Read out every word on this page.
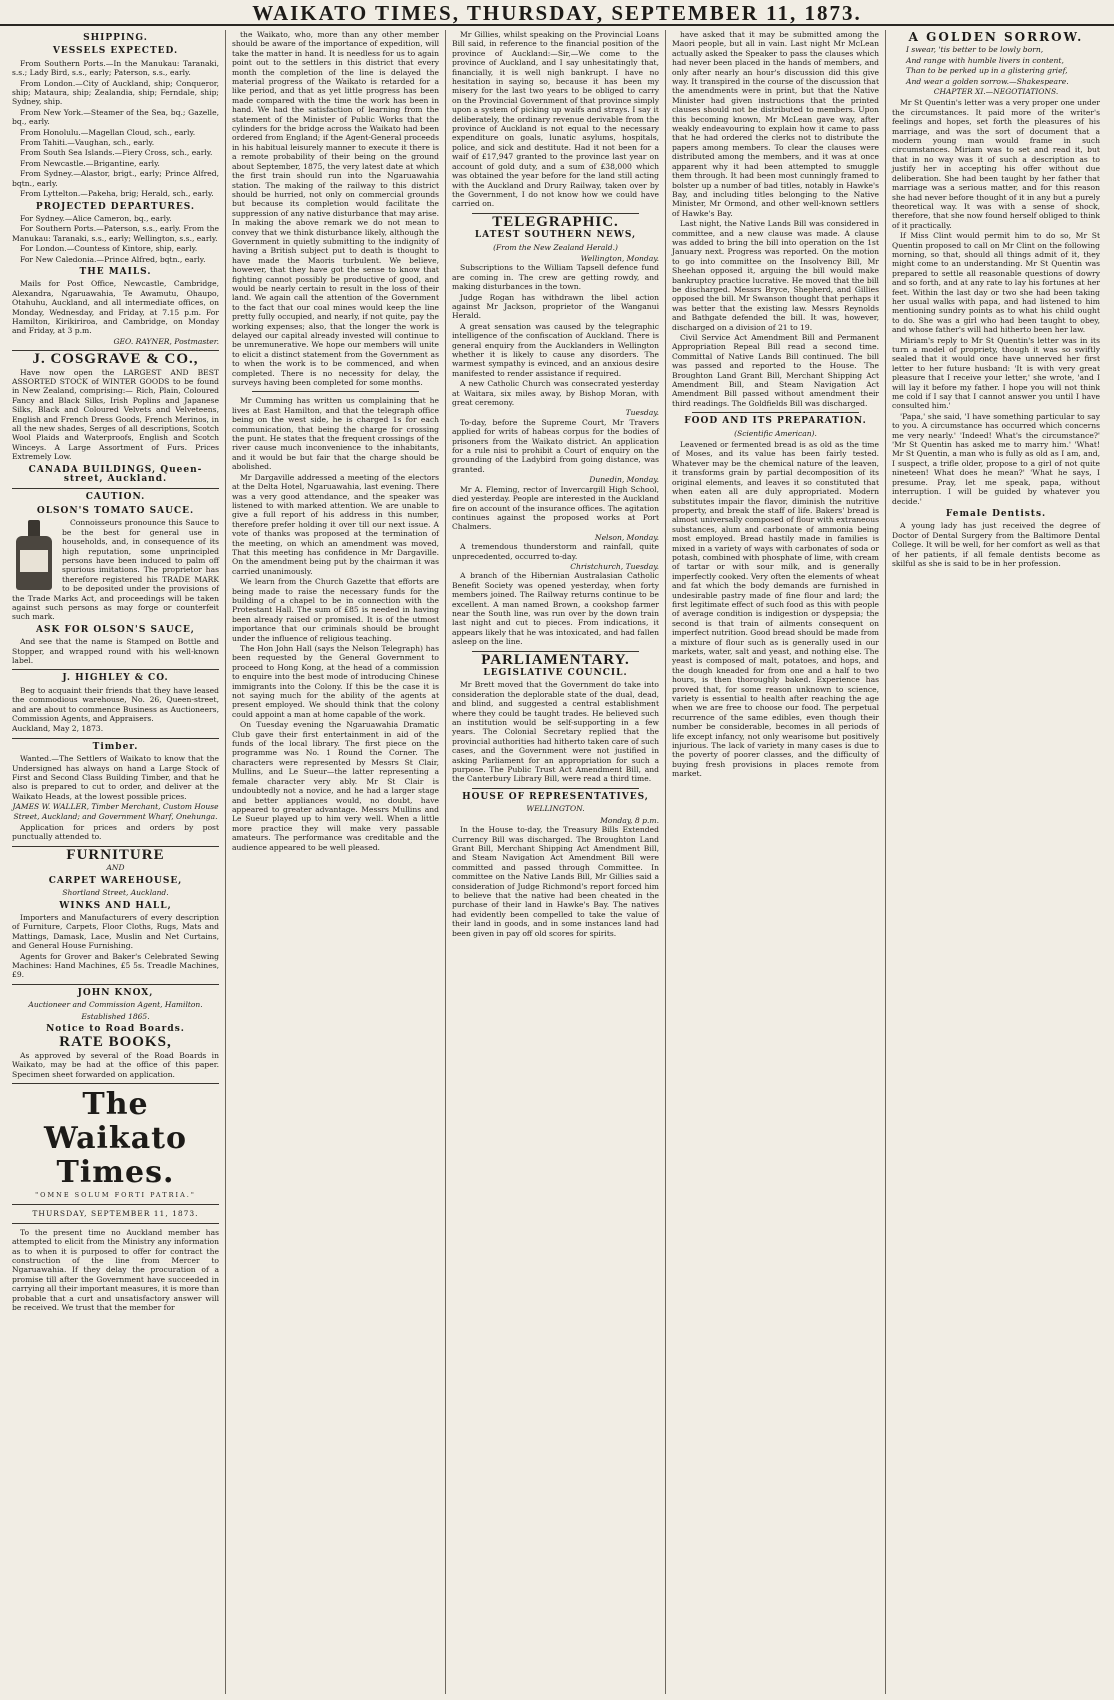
WAIKATO TIMES, THURSDAY, SEPTEMBER 11, 1873.
SHIPPING.
VESSELS EXPECTED.

From Southern Ports.—In the Manukau: Taranaki, s.s.; Lady Bird, s.s., early; Paterson, s.s., early.

From London.—City of Auckland, ship; Conqueror, ship; Mataura, ship; Zealandia, ship; Ferndale, ship; Sydney, ship.

From New York.—Steamer of the Sea, bq.; Gazelle, bq., early.

From Honolulu.—Magellan Cloud, sch., early.

From Tahiti.—Vaughan, sch., early.

From South Sea Islands.—Fiery Cross, sch., early.

From Newcastle.—Brigantine, early.

From Sydney.—Alastor, brigt., early; Prince Alfred, bqtn., early.

From Lyttelton.—Pakeha, brig; Herald, sch., early.

PROJECTED DEPARTURES.

For Sydney.—Alice Cameron, bq., early.

For Southern Ports.—Paterson, s.s., early. From the Manukau: Taranaki, s.s., early; Wellington, s.s., early.

For London.—Countess of Kintore, ship, early.

For New Caledonia.—Prince Alfred, bqtn., early.

THE MAILS.

Mails for Post Office, Newcastle, Cambridge, Alexandra, Ngaruawahia, Te Awamutu, Ohaupo, Otahuhu, Auckland, and all intermediate offices, on Monday, Wednesday, and Friday, at 7.15 p.m. For Hamilton, Kirikiriroa, and Cambridge, on Monday and Friday, at 3 p.m.

GEO. RAYNER, Postmaster.
J. COSGRAVE & CO.,

Have now open the LARGEST AND BEST ASSORTED STOCK of WINTER GOODS to be found in New Zealand, comprising:— Rich, Plain, Coloured Fancy and Black Silks, Irish Poplins and Japanese Silks, Black and Coloured Velvets and Velveteens, English and French Dress Goods, French Merinos, in all the new shades, Serges of all descriptions, Scotch Wool Plaids and Waterproofs, English and Scotch Winceys. A Large Assortment of Furs. Prices Extremely Low.

CANADA BUILDINGS, Queen-street, Auckland.
CAUTION.
OLSON'S TOMATO SAUCE.

Connoisseurs pronounce this Sauce to be the best for general use in households, and, in consequence of its high reputation, some unprincipled persons have been induced to palm off spurious imitations. The proprietor has therefore registered his TRADE MARK to be deposited under the provisions of the Trade Marks Act, and proceedings will be taken against such persons as may forge or counterfeit such mark.

ASK FOR OLSON'S SAUCE,

And see that the name is Stamped on Bottle and Stopper, and wrapped round with his well-known label.

J. HIGHLEY & CO.

Beg to acquaint their friends that they have leased the commodious warehouse, No. 26, Queen-street, and are about to commence Business as Auctioneers, Commission Agents, and Appraisers.

Auckland, May 2, 1873.

Timber.

Wanted.—The Settlers of Waikato to know that the Undersigned has always on hand a Large Stock of First and Second Class Building Timber, and that he also is prepared to cut to order, and deliver at the Waikato Heads, at the lowest possible prices.

JAMES W. WALLER, Timber Merchant, Custom House Street, Auckland; and Government Wharf, Onehunga.

Application for prices and orders by post punctually attended to.

FURNITURE
AND
CARPET WAREHOUSE,
Shortland Street, Auckland.
WINKS AND HALL,

Importers and Manufacturers of every description of Furniture, Carpets, Floor Cloths, Rugs, Mats and Mattings, Damask, Lace, Muslin and Net Curtains, and General House Furnishing.

Agents for Grover and Baker's Celebrated Sewing Machines: Hand Machines, £5 5s. Treadle Machines, £9.

JOHN KNOX,
Auctioneer and Commission Agent, Hamilton.
Established 1865.
Notice to Road Boards.
RATE BOOKS,

As approved by several of the Road Boards in Waikato, may be had at the office of this paper. Specimen sheet forwarded on application.

The Waikato Times.
"OMNE SOLUM FORTI PATRIA."
THURSDAY, SEPTEMBER 11, 1873.

To the present time no Auckland member has attempted to elicit from the Ministry any information as to when it is purposed to offer for contract the construction of the line from Mercer to Ngaruawahia. If they delay the procuration of a promise till after the Government have succeeded in carrying all their important measures, it is more than probable that a curt and unsatisfactory answer will be received. We trust that the member for

the Waikato, who, more than any other member should be aware of the importance of expedition, will take the matter in hand. It is needless for us to again point out to the settlers in this district that every month the completion of the line is delayed the material progress of the Waikato is retarded for a like period, and that as yet little progress has been made compared with the time the work has been in hand. We had the satisfaction of learning from the statement of the Minister of Public Works that the cylinders for the bridge across the Waikato had been ordered from England; if the Agent-General proceeds in his habitual leisurely manner to execute it there is a remote probability of their being on the ground about September, 1875, the very latest date at which the first train should run into the Ngaruawahia station. The making of the railway to this district should be hurried, not only on commercial grounds but because its completion would facilitate the suppression of any native disturbance that may arise. In making the above remark we do not mean to convey that we think disturbance likely, although the Government in quietly submitting to the indignity of having a British subject put to death is thought to have made the Maoris turbulent. We believe, however, that they have got the sense to know that fighting cannot possibly be productive of good, and would be nearly certain to result in the loss of their land. We again call the attention of the Government to the fact that our coal mines would keep the line pretty fully occupied, and nearly, if not quite, pay the working expenses; also, that the longer the work is delayed our capital already invested will continue to be unremunerative. We hope our members will unite to elicit a distinct statement from the Government as to when the work is to be commenced, and when completed. There is no necessity for delay, the surveys having been completed for some months.

Mr Cumming has written us complaining that he lives at East Hamilton, and that the telegraph office being on the west side, he is charged 1s for each communication, that being the charge for crossing the punt. He states that the frequent crossings of the river cause much inconvenience to the inhabitants, and it would be but fair that the charge should be abolished.

Mr Dargaville addressed a meeting of the electors at the Delta Hotel, Ngaruawahia, last evening. There was a very good attendance, and the speaker was listened to with marked attention. We are unable to give a full report of his address in this number, therefore prefer holding it over till our next issue. A vote of thanks was proposed at the termination of the meeting, on which an amendment was moved, That this meeting has confidence in Mr Dargaville. On the amendment being put by the chairman it was carried unanimously.

We learn from the Church Gazette that efforts are being made to raise the necessary funds for the building of a chapel to be in connection with the Protestant Hall. The sum of £85 is needed in having been already raised or promised. It is of the utmost importance that our criminals should be brought under the influence of religious teaching.

The Hon John Hall (says the Nelson Telegraph) has been requested by the General Government to proceed to Hong Kong, at the head of a commission to enquire into the best mode of introducing Chinese immigrants into the Colony. If this be the case it is not saying much for the ability of the agents at present employed. We should think that the colony could appoint a man at home capable of the work.

On Tuesday evening the Ngaruawahia Dramatic Club gave their first entertainment in aid of the funds of the local library. The first piece on the programme was No. 1 Round the Corner. The characters were represented by Messrs St Clair, Mullins, and Le Sueur—the latter representing a female character very ably. Mr St Clair is undoubtedly not a novice, and he had a larger stage and better appliances would, no doubt, have appeared to greater advantage. Messrs Mullins and Le Sueur played up to him very well. When a little more practice they will make very passable amateurs. The performance was creditable and the audience appeared to be well pleased.

Mr Gillies, whilst speaking on the Provincial Loans Bill said, in reference to the financial position of the province of Auckland:—Sir,—We come to the province of Auckland, and I say unhesitatingly that, financially, it is well nigh bankrupt. I have no hesitation in saying so, because it has been my misery for the last two years to be obliged to carry on the Provincial Government of that province simply upon a system of picking up waifs and strays. I say it deliberately, the ordinary revenue derivable from the province of Auckland is not equal to the necessary expenditure on goals, lunatic asylums, hospitals, police, and sick and destitute. Had it not been for a waif of £17,947 granted to the province last year on account of gold duty, and a sum of £38,000 which was obtained the year before for the land still acting with the Auckland and Drury Railway, taken over by the Government, I do not know how we could have carried on.

TELEGRAPHIC.
LATEST SOUTHERN NEWS,
(From the New Zealand Herald.)
Wellington, Monday.

Subscriptions to the William Tapsell defence fund are coming in. The crew are getting rowdy, and making disturbances in the town.

Judge Rogan has withdrawn the libel action against Mr Jackson, proprietor of the Wanganui Herald.

A great sensation was caused by the telegraphic intelligence of the confiscation of Auckland. There is general enquiry from the Aucklanders in Wellington whether it is likely to cause any disorders. The warmest sympathy is evinced, and an anxious desire manifested to render assistance if required.

A new Catholic Church was consecrated yesterday at Waitara, six miles away, by Bishop Moran, with great ceremony.

Tuesday.

To-day, before the Supreme Court, Mr Travers applied for writs of habeas corpus for the bodies of prisoners from the Waikato district. An application for a rule nisi to prohibit a Court of enquiry on the grounding of the Ladybird from going distance, was granted.

Dunedin, Monday.

Mr A. Fleming, rector of Invercargill High School, died yesterday. People are interested in the Auckland fire on account of the insurance offices. The agitation continues against the proposed works at Port Chalmers.

Nelson, Monday.

A tremendous thunderstorm and rainfall, quite unprecedented, occurred to-day.

Christchurch, Tuesday.

A branch of the Hibernian Australasian Catholic Benefit Society was opened yesterday, when forty members joined. The Railway returns continue to be excellent. A man named Brown, a cookshop farmer near the South line, was run over by the down train last night and cut to pieces. From indications, it appears likely that he was intoxicated, and had fallen asleep on the line.

PARLIAMENTARY.
LEGISLATIVE COUNCIL.

Mr Brett moved that the Government do take into consideration the deplorable state of the dual, dead, and blind, and suggested a central establishment where they could be taught trades. He believed such an institution would be self-supporting in a few years. The Colonial Secretary replied that the provincial authorities had hitherto taken care of such cases, and the Government were not justified in asking Parliament for an appropriation for such a purpose. The Public Trust Act Amendment Bill, and the Canterbury Library Bill, were read a third time.

HOUSE OF REPRESENTATIVES,
WELLINGTON.
Monday, 8 p.m.

In the House to-day, the Treasury Bills Extended Currency Bill was discharged. The Broughton Land Grant Bill, Merchant Shipping Act Amendment Bill, and Steam Navigation Act Amendment Bill were committed and passed through Committee. In committee on the Native Lands Bill, Mr Gillies said a consideration of Judge Richmond's report forced him to believe that the native had been cheated in the purchase of their land in Hawke's Bay. The natives had evidently been compelled to take the value of their land in goods, and in some instances land had been given in pay off old scores for spirits.

have asked that it may be submitted among the Maori people, but all in vain. Last night Mr McLean actually asked the Speaker to pass the clauses which had never been placed in the hands of members, and only after nearly an hour's discussion did this give way. It transpired in the course of the discussion that the amendments were in print, but that the Native Minister had given instructions that the printed clauses should not be distributed to members. Upon this becoming known, Mr McLean gave way, after weakly endeavouring to explain how it came to pass that he had ordered the clerks not to distribute the papers among members. To clear the clauses were distributed among the members, and it was at once apparent why it had been attempted to smuggle them through. It had been most cunningly framed to bolster up a number of bad titles, notably in Hawke's Bay, and including titles belonging to the Native Minister, Mr Ormond, and other well-known settlers of Hawke's Bay.

Last night, the Native Lands Bill was considered in committee, and a new clause was made. A clause was added to bring the bill into operation on the 1st January next. Progress was reported. On the motion to go into committee on the Insolvency Bill, Mr Sheehan opposed it, arguing the bill would make bankruptcy practice lucrative. He moved that the bill be discharged. Messrs Bryce, Shepherd, and Gillies opposed the bill. Mr Swanson thought that perhaps it was better that the existing law. Messrs Reynolds and Bathgate defended the bill. It was, however, discharged on a division of 21 to 19.

Civil Service Act Amendment Bill and Permanent Appropriation Repeal Bill read a second time. Committal of Native Lands Bill continued. The bill was passed and reported to the House. The Broughton Land Grant Bill, Merchant Shipping Act Amendment Bill, and Steam Navigation Act Amendment Bill passed without amendment their third readings. The Goldfields Bill was discharged.

FOOD AND ITS PREPARATION.
(Scientific American).

Leavened or fermented bread is as old as the time of Moses, and its value has been fairly tested. Whatever may be the chemical nature of the leaven, it transforms grain by partial decomposition of its original elements, and leaves it so constituted that when eaten all are duly appropriated. Modern substitutes impair the flavor, diminish the nutritive property, and break the staff of life. Bakers' bread is almost universally composed of flour with extraneous substances, alum and carbonate of ammonia being most employed. Bread hastily made in families is mixed in a variety of ways with carbonates of soda or potash, combined with phosphate of lime, with cream of tartar or with sour milk, and is generally imperfectly cooked. Very often the elements of wheat and fat which the body demands are furnished in undesirable pastry made of fine flour and lard; the first legitimate effect of such food as this with people of average condition is indigestion or dyspepsia; the second is that train of ailments consequent on imperfect nutrition. Good bread should be made from a mixture of flour such as is generally used in our markets, water, salt and yeast, and nothing else. The yeast is composed of malt, potatoes, and hops, and the dough kneaded for from one and a half to two hours, is then thoroughly baked. Experience has proved that, for some reason unknown to science, variety is essential to health after reaching the age when we are free to choose our food. The perpetual recurrence of the same edibles, even though their number be considerable, becomes in all periods of life except infancy, not only wearisome but positively injurious. The lack of variety in many cases is due to the poverty of poorer classes, and the difficulty of buying fresh provisions in places remote from market.

A GOLDEN SORROW.

I swear, 'tis better to be lowly born,

And range with humble livers in content,

Than to be perked up in a glistering grief,

And wear a golden sorrow.—Shakespeare.

CHAPTER XI.—NEGOTIATIONS.

Mr St Quentin's letter was a very proper one under the circumstances. It paid more of the writer's feelings and hopes, set forth the pleasures of his marriage, and was the sort of document that a modern young man would frame in such circumstances. Miriam was to set and read it, but that in no way was it of such a description as to justify her in accepting his offer without due deliberation. She had been taught by her father that marriage was a serious matter, and for this reason she had never before thought of it in any but a purely theoretical way. It was with a sense of shock, therefore, that she now found herself obliged to think of it practically.

If Miss Clint would permit him to do so, Mr St Quentin proposed to call on Mr Clint on the following morning, so that, should all things admit of it, they might come to an understanding. Mr St Quentin was prepared to settle all reasonable questions of dowry and so forth, and at any rate to lay his fortunes at her feet. Within the last day or two she had been taking her usual walks with papa, and had listened to him mentioning sundry points as to what his child ought to do. She was a girl who had been taught to obey, and whose father's will had hitherto been her law.

Miriam's reply to Mr St Quentin's letter was in its turn a model of propriety, though it was so swiftly sealed that it would once have unnerved her first letter to her future husband: 'It is with very great pleasure that I receive your letter,' she wrote, 'and I will lay it before my father. I hope you will not think me cold if I say that I cannot answer you until I have consulted him.'

'Papa,' she said, 'I have something particular to say to you. A circumstance has occurred which concerns me very nearly.' 'Indeed! What's the circumstance?' 'Mr St Quentin has asked me to marry him.' 'What! Mr St Quentin, a man who is fully as old as I am, and, I suspect, a trifle older, propose to a girl of not quite nineteen! What does he mean?' 'What he says, I presume. Pray, let me speak, papa, without interruption. I will be guided by whatever you decide.'

Female Dentists.

A young lady has just received the degree of Doctor of Dental Surgery from the Baltimore Dental College. It will be well, for her comfort as well as that of her patients, if all female dentists become as skilful as she is said to be in her profession.
